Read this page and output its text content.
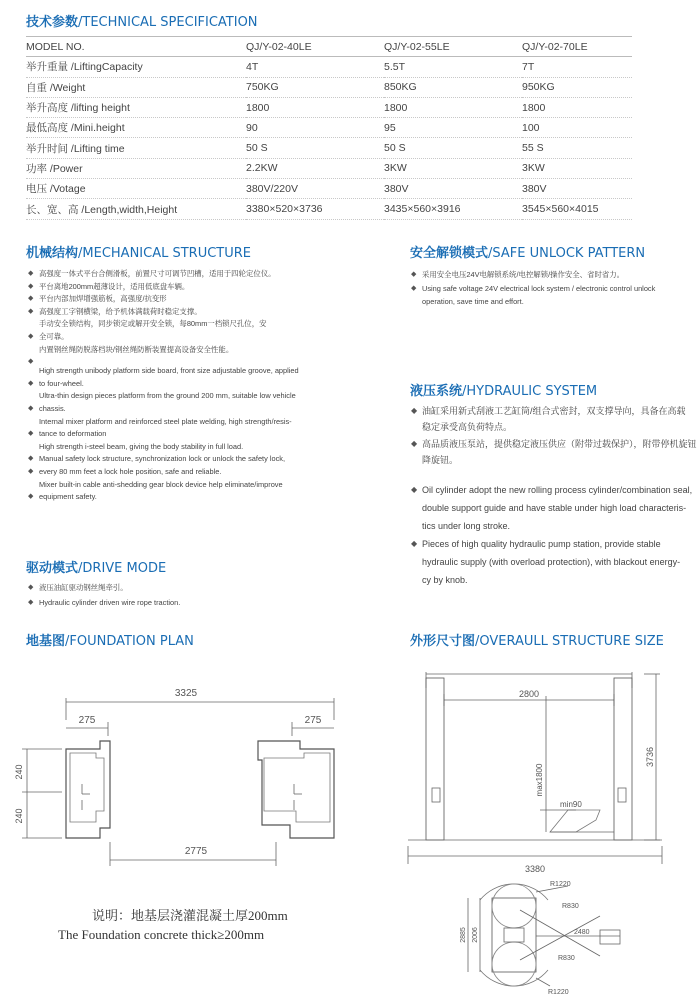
技术参数/TECHNICAL SPECIFICATION
MODEL NO.	QJ/Y-02-40LE	QJ/Y-02-55LE	QJ/Y-02-70LE
举升重量 /LiftingCapacity	4T	5.5T	7T
自重 /Weight	750KG	850KG	950KG
举升高度 /lifting height	1800	1800	1800
最低高度 /Mini.height	90	95	100
举升时间 /Lifting time	50 S	50 S	55 S
功率 /Power	2.2KW	3KW	3KW
电压 /Votage	380V/220V	380V	380V
长、宽、高 /Length,width,Height	3380×520×3736	3435×560×3916	3545×560×4015
机械结构/MECHANICAL STRUCTURE
◆ 高强度一体式平台合侧滑板，前置尺寸可调节凹槽，适用于四轮定位仪。
◆ 平台离地200mm超薄设计，适用低底盘车辆。
◆ 平台内部加焊增强筋板，高强度/抗变形
◆ 高强度工字钢横梁，给予机体满载荷时稳定支撑。
手动安全锁结构，同步锁定或解开安全锁，每80mm一档锁尺孔位，安
◆ 全可靠。
内置钢丝绳防脱落档块/钢丝绳防断装置提高设备安全性能。
◆
High strength unibody platform side board, front size adjustable groove, applied
◆ to four-wheel.
Ultra-thin design pieces platform from the ground 200 mm, suitable low vehicle
◆ chassis.
Internal mixer platform and reinforced steel plate welding, high strength/resis-
◆ tance to deformation
High strength i-steel beam, giving the body stability in full load.
◆ Manual safety lock structure, synchronization lock or unlock the safety lock,
◆ every 80 mm feet a lock hole position, safe and reliable.
Mixer built-in cable anti-shedding gear block device help eliminate/improve
◆ equipment safety.
驱动模式/DRIVE MODE
◆ 液压油缸驱动钢丝绳牵引。
◆ Hydraulic cylinder driven wire rope traction.
安全解锁模式/SAFE UNLOCK PATTERN
◆ 采用安全电压24V电解锁系统/电控解锁/操作安全、省时省力。
◆ Using safe voltage 24V electrical lock system / electronic control unlock
operation, save time and effort.
液压系统/HYDRAULIC SYSTEM
◆ 油缸采用新式刮液工艺缸筒/组合式密封，双支撑导向，具备在高载
稳定承受高负荷特点。
◆ 高品质液压泵站，提供稳定液压供应（附带过载保护），附带停机旋钮
降旋钮。
◆ Oil cylinder adopt the new rolling process cylinder/combination seal,
double support guide and have stable under high load characteris-
tics under long stroke.
◆ Pieces of high quality hydraulic pump station, provide stable
hydraulic supply (with overload protection), with blackout energy-
cy by knob.
地基图/FOUNDATION PLAN
3325
275	275
2775
240
240
说明：地基层浇灌混凝土厚200mm
The Foundation concrete thick≥200mm
外形尺寸图/OVERAULL STRUCTURE SIZE
2800
max1800
min90
3736
3380
R1220
R830
2480
R830
R1220
2885 2006
